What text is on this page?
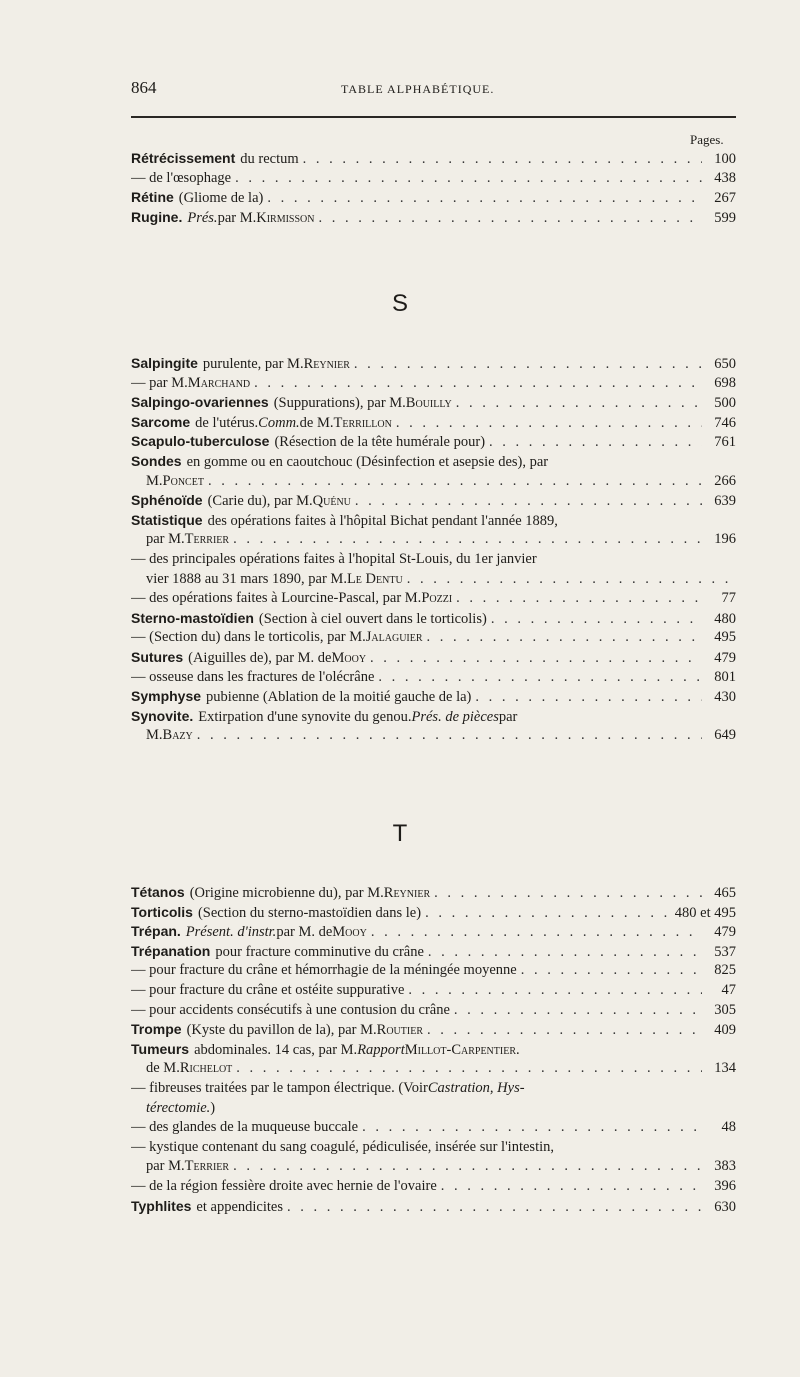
864	TABLE ALPHABÉTIQUE.
Pages.
Rétrécissement du rectum . . .	100
— de l'œsophage . . .	438
Rétine (Gliome de la) . . .	267
Rugine. Prés. par M. Kirmisson . . .	599
S
Salpingite purulente, par M. Reynier . . .	650
— par M. Marchand . . .	698
Salpingo-ovariennes (Suppurations), par M. Bouilly . . .	500
Sarcome de l'utérus. Comm. de M. Terrillon . . .	746
Scapulo-tuberculose (Résection de la tête humérale pour) . . .	761
Sondes en gomme ou en caoutchouc (Désinfection et asepsie des), par
M. Poncet . . .	266
Sphénoïde (Carie du), par M. Quénu . . .	639
Statistique des opérations faites à l'hôpital Bichat pendant l'année 1889,
par M. Terrier . . .	196
— des principales opérations faites à l'hopital St-Louis, du 1er janvier
vier 1888 au 31 mars 1890, par M. Le Dentu
. . .
— des opérations faites à Lourcine-Pascal, par M. Pozzi . . .	77
Sterno-mastoïdien (Section à ciel ouvert dans le torticolis) . . .	480
— (Section du) dans le torticolis, par M. Jalaguier . . .	495
Sutures (Aiguilles de), par M. de Mooy . . .	479
— osseuse dans les fractures de l'olécrâne . . .	801
Symphyse pubienne (Ablation de la moitié gauche de la) . . .	430
Synovite. Extirpation d'une synovite du genou. Prés. de pièces par
M. Bazy . . .	649
T
Tétanos (Origine microbienne du), par M. Reynier . . .	465
Torticolis (Section du sterno-mastoïdien dans le) . . .	480 et 495
Trépan. Présent. d'instr. par M. de Mooy . . .	479
Trépanation pour fracture comminutive du crâne . . .	537
— pour fracture du crâne et hémorrhagie de la méningée moyenne . . .	825
— pour fracture du crâne et ostéite suppurative . . .	47
— pour accidents consécutifs à une contusion du crâne . . .	305
Trompe (Kyste du pavillon de la), par M. Routier . . .	409
Tumeurs abdominales. 14 cas, par M. Rapport Millot-Carpentier.
de M. Richelot . . .	134
— fibreuses traitées par le tampon électrique. (Voir Castration, Hys-
térectomie. )
— des glandes de la muqueuse buccale . . .	48
— kystique contenant du sang coagulé, pédiculisée, insérée sur l'intestin,
par M. Terrier . . .	383
— de la région fessière droite avec hernie de l'ovaire . . .	396
Typhlites et appendicites . . .	630
